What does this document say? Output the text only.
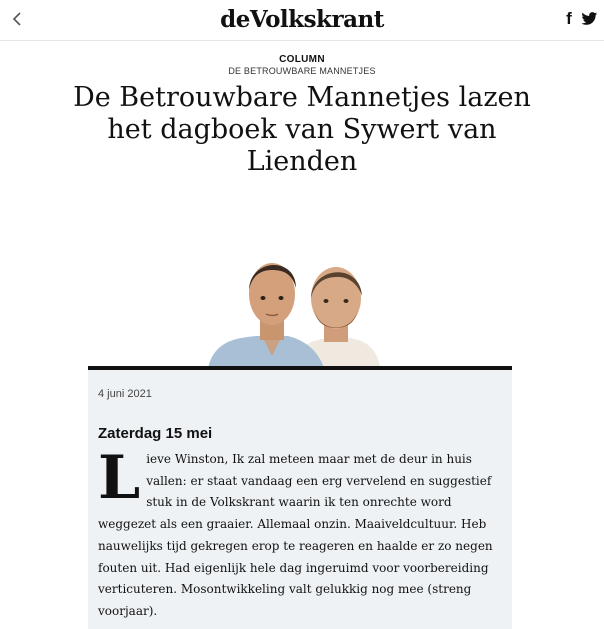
deVolkskrant	f
COLUMN
DE BETROUWBARE MANNETJES
De Betrouwbare Mannetjes lazen het dagboek van Sywert van Lienden
4 juni 2021
Zaterdag 15 mei

Lieve Winston, Ik zal meteen maar met de deur in huis vallen: er staat vandaag een erg vervelend en suggestief stuk in de Volkskrant waarin ik ten onrechte word weggezet als een graaier. Allemaal onzin. Maaiveldcultuur. Heb nauwelijks tijd gekregen erop te reageren en haalde er zo negen fouten uit. Had eigenlijk hele dag ingeruimd voor voorbereiding verticuteren. Mosontwikkeling valt gelukkig nog mee (streng voorjaar).
